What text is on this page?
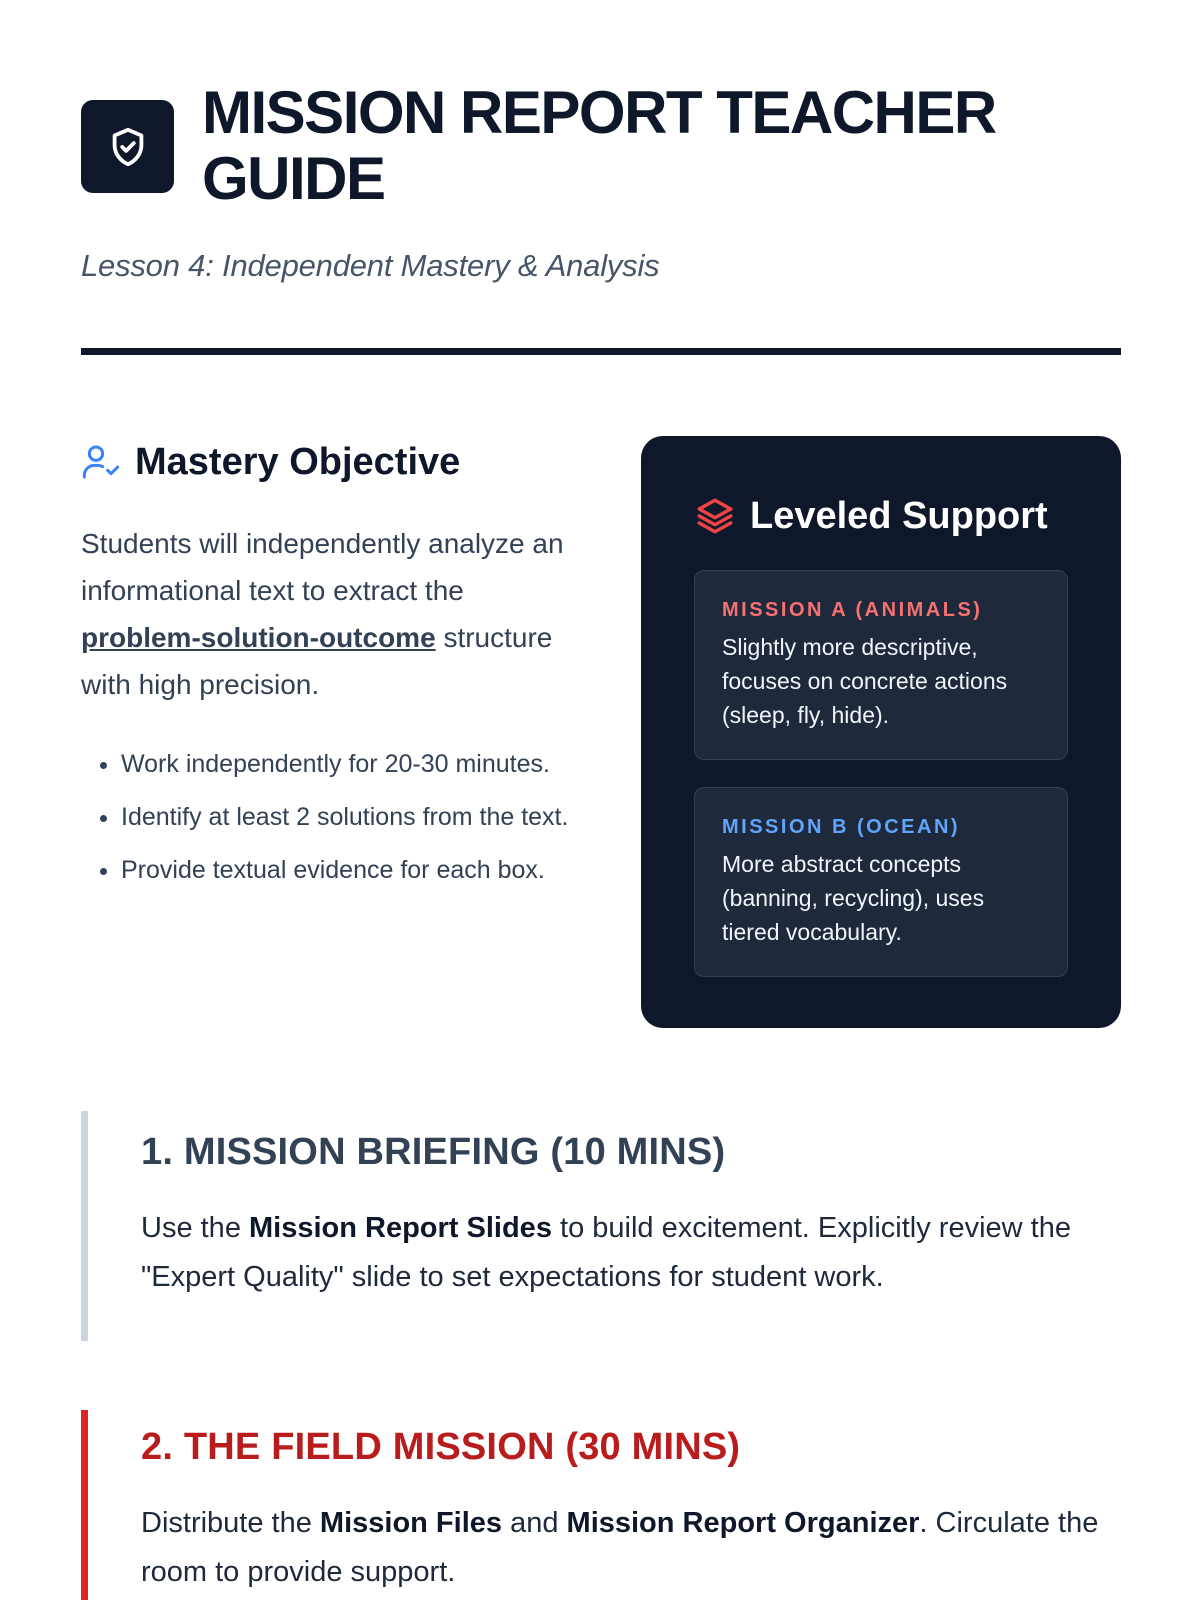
MISSION REPORT TEACHER GUIDE
Lesson 4: Independent Mastery & Analysis
Mastery Objective

Students will independently analyze an informational text to extract the problem-solution-outcome structure with high precision.

• Work independently for 20-30 minutes.
• Identify at least 2 solutions from the text.
• Provide textual evidence for each box.
Leveled Support
MISSION A (ANIMALS)
Slightly more descriptive, focuses on concrete actions (sleep, fly, hide).
MISSION B (OCEAN)
More abstract concepts (banning, recycling), uses tiered vocabulary.
1. MISSION BRIEFING (10 MINS)

Use the Mission Report Slides to build excitement. Explicitly review the "Expert Quality" slide to set expectations for student work.

2. THE FIELD MISSION (30 MINS)

Distribute the Mission Files and Mission Report Organizer. Circulate the room to provide support.
